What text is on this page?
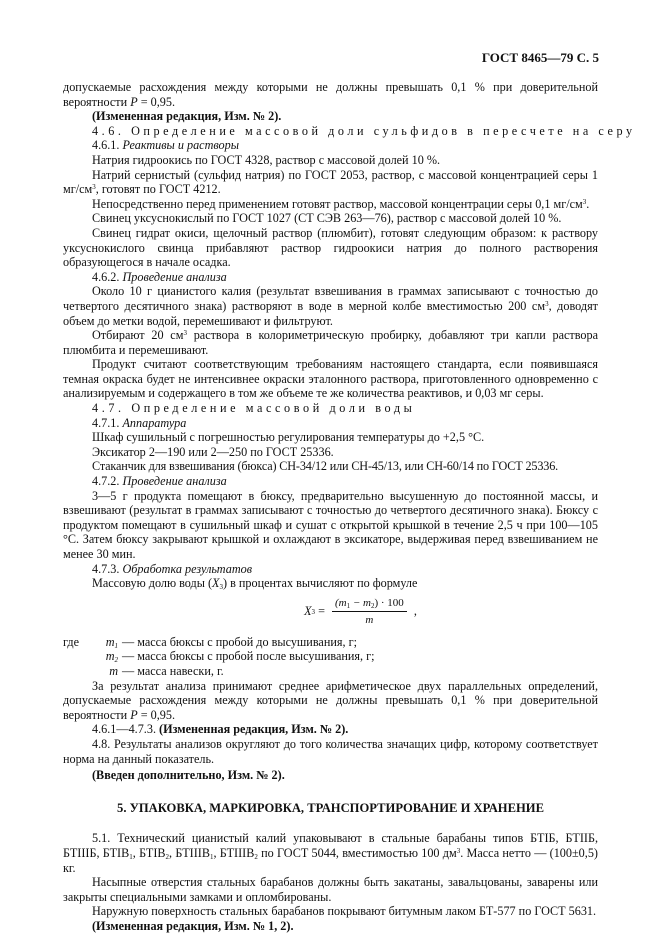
ГОСТ 8465—79 С. 5

допускаемые расхождения между которыми не должны превышать 0,1 % при доверительной вероятности P = 0,95.

(Измененная редакция, Изм. № 2).

4.6. Определение массовой доли сульфидов в пересчете на серу

4.6.1. Реактивы и растворы

Натрия гидроокись по ГОСТ 4328, раствор с массовой долей 10 %.

Натрий сернистый (сульфид натрия) по ГОСТ 2053, раствор, с массовой концентрацией серы 1 $мг/см^3$, готовят по ГОСТ 4212.

Непосредственно перед применением готовят раствор, массовой концентрации серы 0,1 $мг/см^3$.

Свинец уксуснокислый по ГОСТ 1027 (СТ СЭВ 263—76), раствор с массовой долей 10 %.

Свинец гидрат окиси, щелочный раствор (плюмбит), готовят следующим образом: к раствору уксуснокислого свинца прибавляют раствор гидроокиси натрия до полного растворения образующегося в начале осадка.

4.6.2. Проведение анализа

Около 10 г цианистого калия (результат взвешивания в граммах записывают с точностью до четвертого десятичного знака) растворяют в воде в мерной колбе вместимостью 200 $см^3$, доводят объем до метки водой, перемешивают и фильтруют.

Отбирают 20 $см^3$ раствора в колориметрическую пробирку, добавляют три капли раствора плюмбита и перемешивают.

Продукт считают соответствующим требованиям настоящего стандарта, если появившаяся темная окраска будет не интенсивнее окраски эталонного раствора, приготовленного одновременно с анализируемым и содержащего в том же объеме те же количества реактивов, и 0,03 мг серы.

4.7. Определение массовой доли воды

4.7.1. Аппаратура

Шкаф сушильный с погрешностью регулирования температуры до +2,5 °С.

Эксикатор 2—190 или 2—250 по ГОСТ 25336.

Стаканчик для взвешивания (бюкса) СН-34/12 или СН-45/13, или СН-60/14 по ГОСТ 25336.

4.7.2. Проведение анализа

3—5 г продукта помещают в бюксу, предварительно высушенную до постоянной массы, и взвешивают (результат в граммах записывают с точностью до четвертого десятичного знака). Бюксу с продуктом помещают в сушильный шкаф и сушат с открытой крышкой в течение 2,5 ч при 100—105 °С. Затем бюксу закрывают крышкой и охлаждают в эксикаторе, выдерживая перед взвешиванием не менее 30 мин.

4.7.3. Обработка результатов

Массовую долю воды $(X_3)$ в процентах вычисляют по формуле

X $3 = \frac{(m_1 - m_2) \cdot 100}{m}$ ,
где	$m_1$ — масса бюксы с пробой до высушивания, г;
$m_2$ — масса бюксы с пробой после высушивания, г;
m — масса навески, г.

За результат анализа принимают среднее арифметическое двух параллельных определений, допускаемые расхождения между которыми не должны превышать 0,1 % при доверительной вероятности P = 0,95.

4.6.1—4.7.3. (Измененная редакция, Изм. № 2).

4.8. Результаты анализов округляют до того количества значащих цифр, которому соответствует норма на данный показатель.

(Введен дополнительно, Изм. № 2).

5. УПАКОВКА, МАРКИРОВКА, ТРАНСПОРТИРОВАНИЕ И ХРАНЕНИЕ

5.1. Технический цианистый калий упаковывают в стальные барабаны типов БТІБ, БТІІБ, БТІІІБ, $БТІВ_1$, $БТІВ_2$, $БТІІІВ_1$, $БТІІІВ_2$ по ГОСТ 5044, вместимостью 100 $дм^3$. Масса нетто — (100±0,5) кг.

Насыпные отверстия стальных барабанов должны быть закатаны, завальцованы, заварены или закрыты специальными замками и опломбированы.

Наружную поверхность стальных барабанов покрывают битумным лаком БТ-577 по ГОСТ 5631.

(Измененная редакция, Изм. № 1, 2).
